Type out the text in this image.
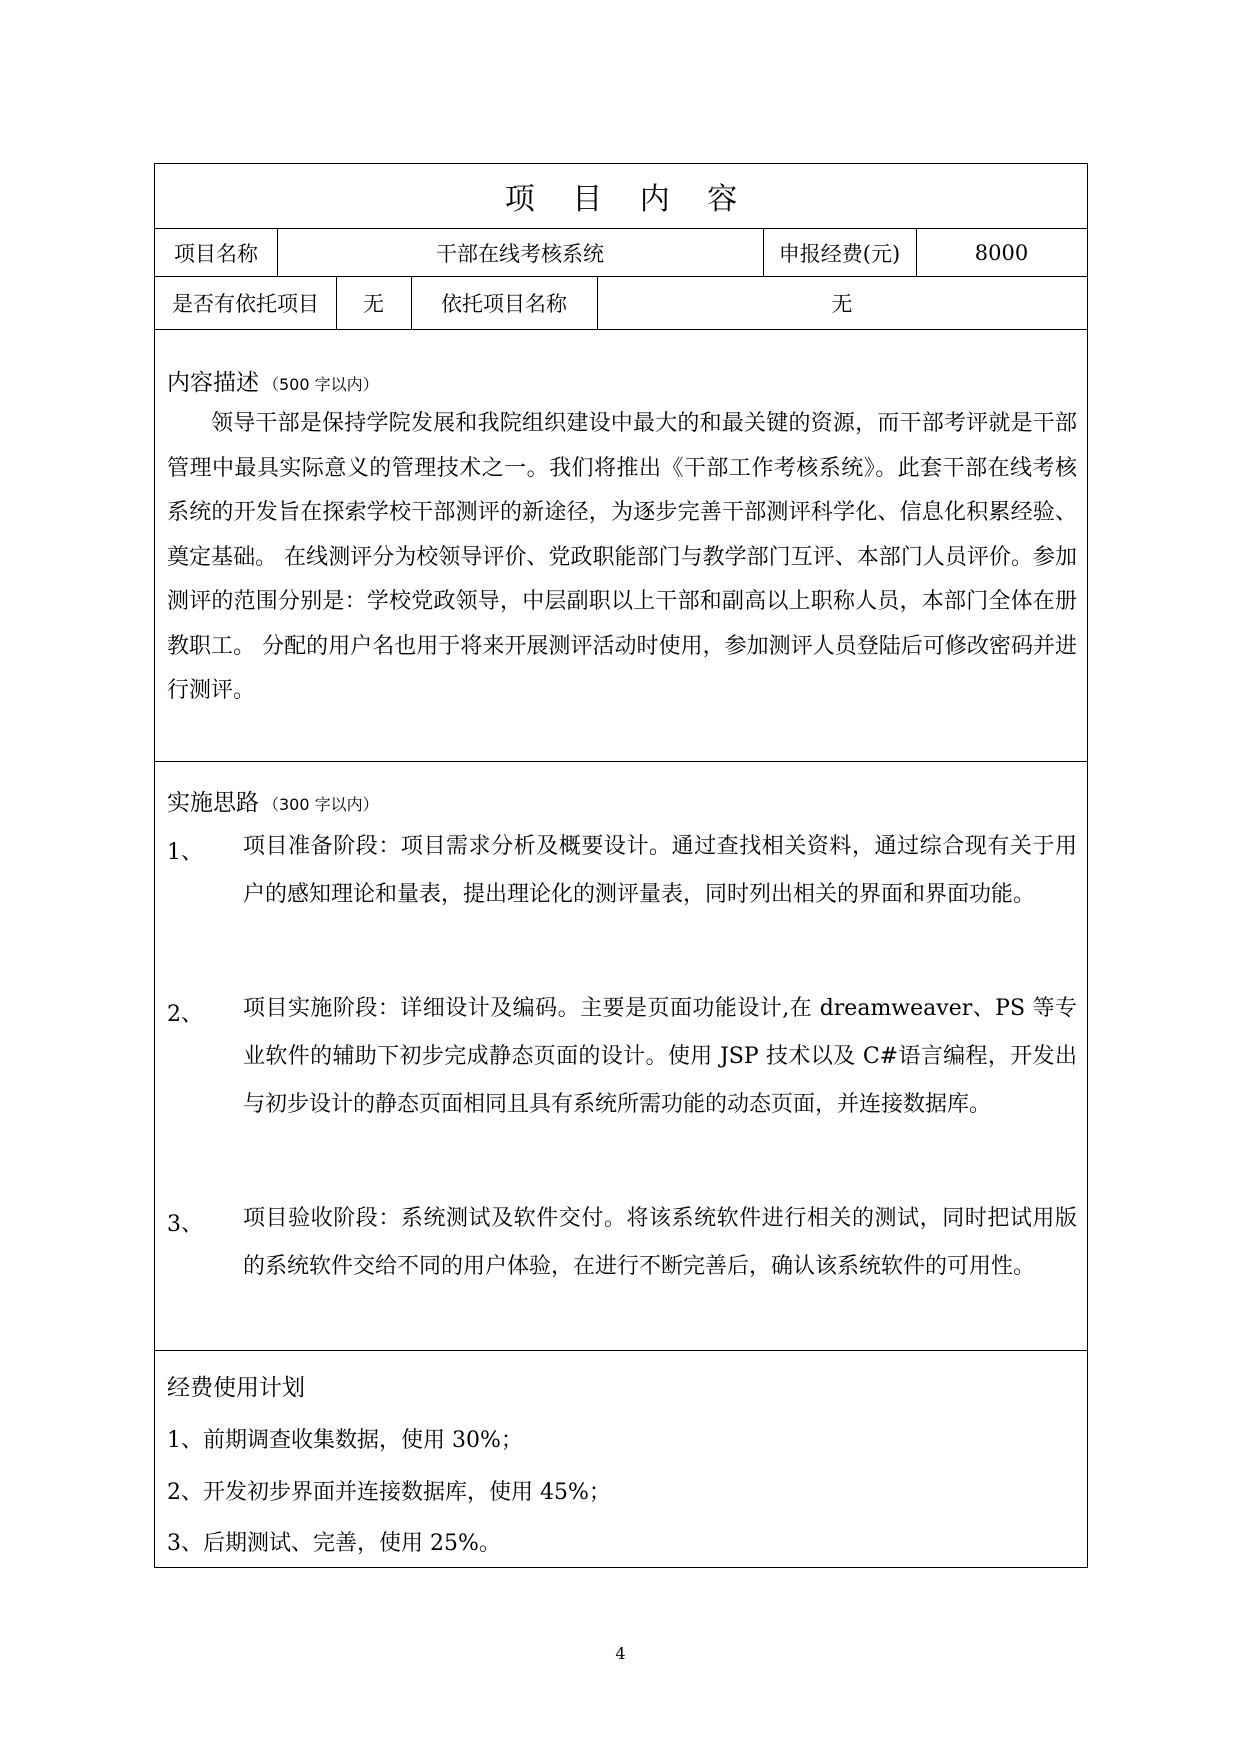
项 目 内 容
项目名称	干部在线考核系统	申报经费(元)	8000
是否有依托项目	无	依托项目名称	无
内容描述 （500 字以内）
领导干部是保持学院发展和我院组织建设中最大的和最关键的资源，而干部考评就是干部管理中最具实际意义的管理技术之一。我们将推出《干部工作考核系统》。此套干部在线考核系统的开发旨在探索学校干部测评的新途径，为逐步完善干部测评科学化、信息化积累经验、奠定基础。 在线测评分为校领导评价、党政职能部门与教学部门互评、本部门人员评价。参加测评的范围分别是：学校党政领导，中层副职以上干部和副高以上职称人员，本部门全体在册教职工。 分配的用户名也用于将来开展测评活动时使用，参加测评人员登陆后可修改密码并进行测评。
实施思路 （300 字以内）
1、 项目准备阶段：项目需求分析及概要设计。通过查找相关资料，通过综合现有关于用户的感知理论和量表，提出理论化的测评量表，同时列出相关的界面和界面功能。
2、 项目实施阶段：详细设计及编码。主要是页面功能设计,在 dreamweaver、PS 等专业软件的辅助下初步完成静态页面的设计。使用 JSP 技术以及 C#语言编程，开发出与初步设计的静态页面相同且具有系统所需功能的动态页面，并连接数据库。
3、 项目验收阶段：系统测试及软件交付。将该系统软件进行相关的测试，同时把试用版的系统软件交给不同的用户体验，在进行不断完善后，确认该系统软件的可用性。
经费使用计划
1、前期调查收集数据，使用 30%；
2、开发初步界面并连接数据库，使用 45%；
3、后期测试、完善，使用 25%。
4
